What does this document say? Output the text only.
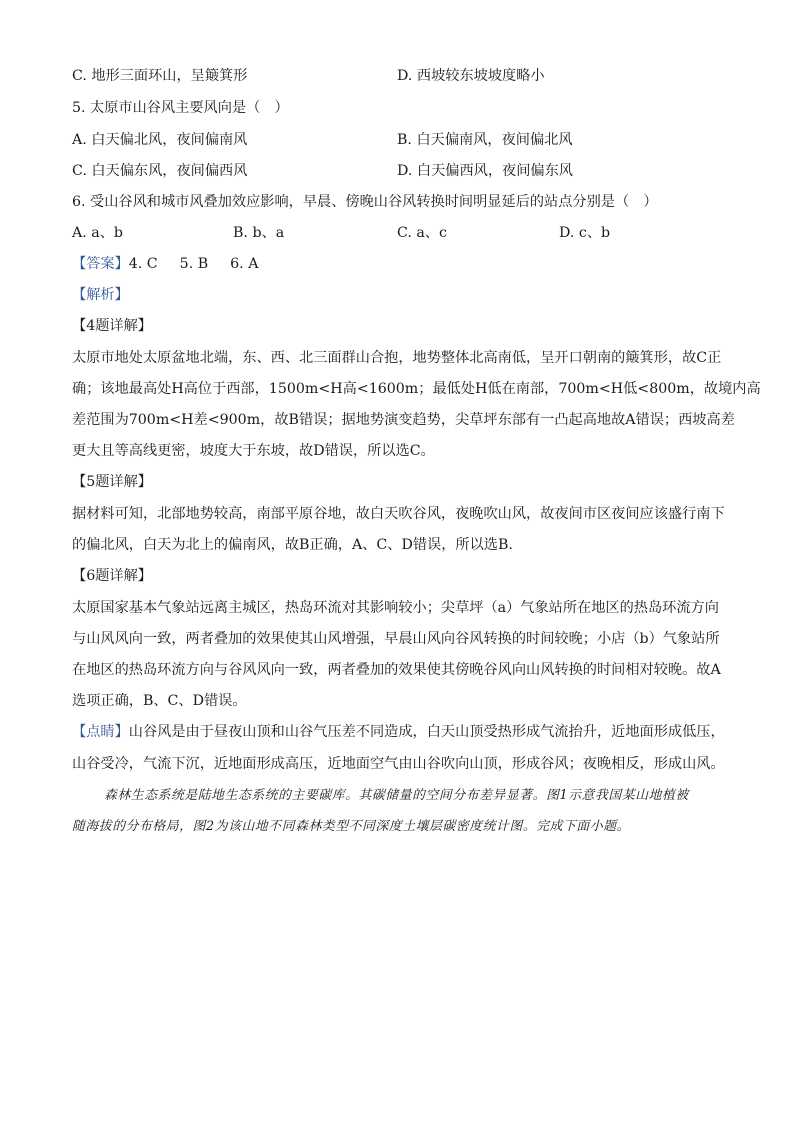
C. 地形三面环山，呈簸箕形	D. 西坡较东坡坡度略小
5. 太原市山谷风主要风向是（　）
A. 白天偏北风，夜间偏南风	B. 白天偏南风，夜间偏北风
C. 白天偏东风，夜间偏西风	D. 白天偏西风，夜间偏东风
6. 受山谷风和城市风叠加效应影响，早晨、傍晚山谷风转换时间明显延后的站点分别是（　）
A. a、b	B. b、a	C. a、c	D. c、b
【答案】4. C 5. B 6. A
【解析】
【4题详解】
太原市地处太原盆地北端，东、西、北三面群山合抱，地势整体北高南低，呈开口朝南的簸箕形，故C正
确；该地最高处H高位于西部，1500m<H高<1600m；最低处H低在南部，700m<H低<800m，故境内高
差范围为700m<H差<900m，故B错误；据地势演变趋势，尖草坪东部有一凸起高地故A错误；西坡高差
更大且等高线更密，坡度大于东坡，故D错误，所以选C。
【5题详解】
据材料可知，北部地势较高，南部平原谷地，故白天吹谷风，夜晚吹山风，故夜间市区夜间应该盛行南下
的偏北风，白天为北上的偏南风，故B正确，A、C、D错误，所以选B.
【6题详解】
太原国家基本气象站远离主城区，热岛环流对其影响较小；尖草坪（a）气象站所在地区的热岛环流方向
与山风风向一致，两者叠加的效果使其山风增强，早晨山风向谷风转换的时间较晚；小店（b）气象站所
在地区的热岛环流方向与谷风风向一致，两者叠加的效果使其傍晚谷风向山风转换的时间相对较晚。故A
选项正确，B、C、D错误。
【点睛】山谷风是由于昼夜山顶和山谷气压差不同造成，白天山顶受热形成气流抬升，近地面形成低压，
山谷受冷，气流下沉，近地面形成高压，近地面空气由山谷吹向山顶，形成谷风；夜晚相反，形成山风。
森林生态系统是陆地生态系统的主要碳库。其碳储量的空间分布差异显著。图1示意我国某山地植被
随海拔的分布格局，图2为该山地不同森林类型不同深度土壤层碳密度统计图。完成下面小题。
